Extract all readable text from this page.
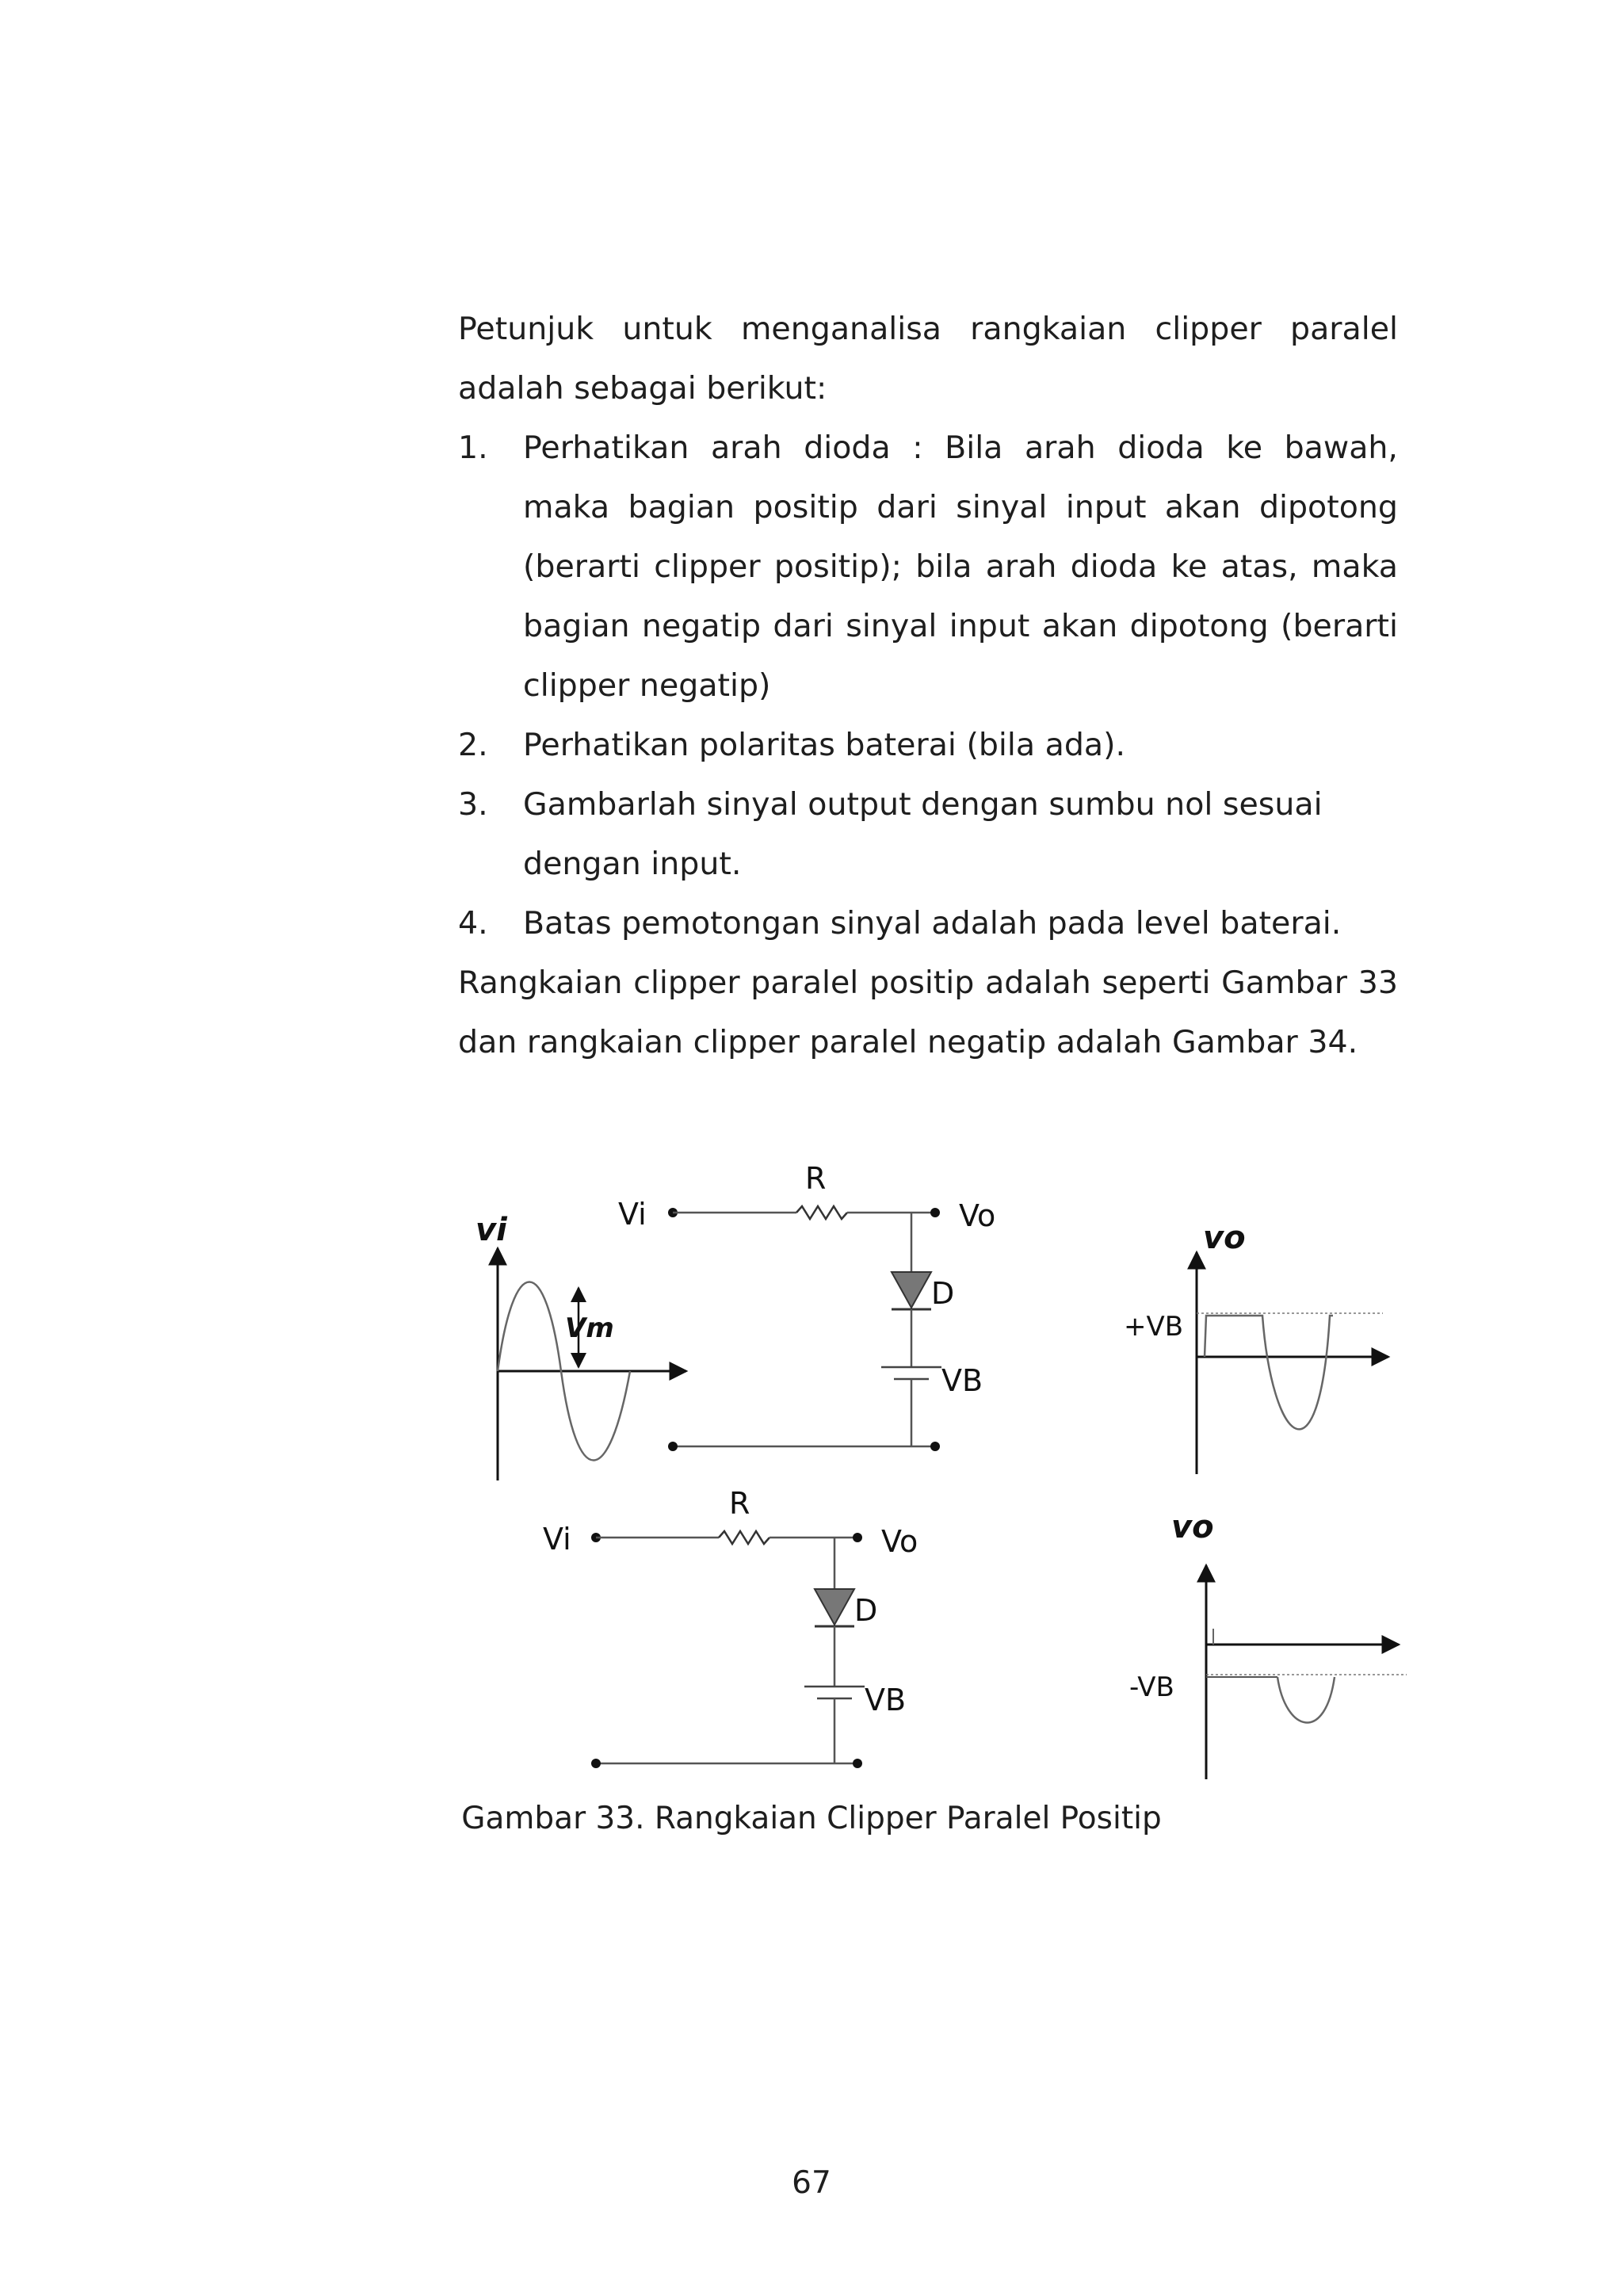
Petunjuk untuk menganalisa rangkaian clipper paralel adalah sebagai berikut:

1.	Perhatikan arah dioda : Bila arah dioda ke bawah, maka bagian positip dari sinyal input akan dipotong (berarti clipper positip); bila arah dioda ke atas, maka bagian negatip dari sinyal input akan dipotong (berarti clipper negatip)
2.	Perhatikan polaritas baterai (bila ada).
3.	Gambarlah sinyal output dengan sumbu nol sesuai dengan input.
4.	Batas pemotongan sinyal adalah pada level baterai.

Rangkaian clipper paralel positip adalah seperti Gambar 33 dan rangkaian clipper paralel negatip adalah Gambar 34.

vi
Vm
Vi
R
Vo
D
VB
vo
+VB
Vi
R
Vo
D
VB
vo
-VB
Gambar 33. Rangkaian Clipper Paralel Positip
67
